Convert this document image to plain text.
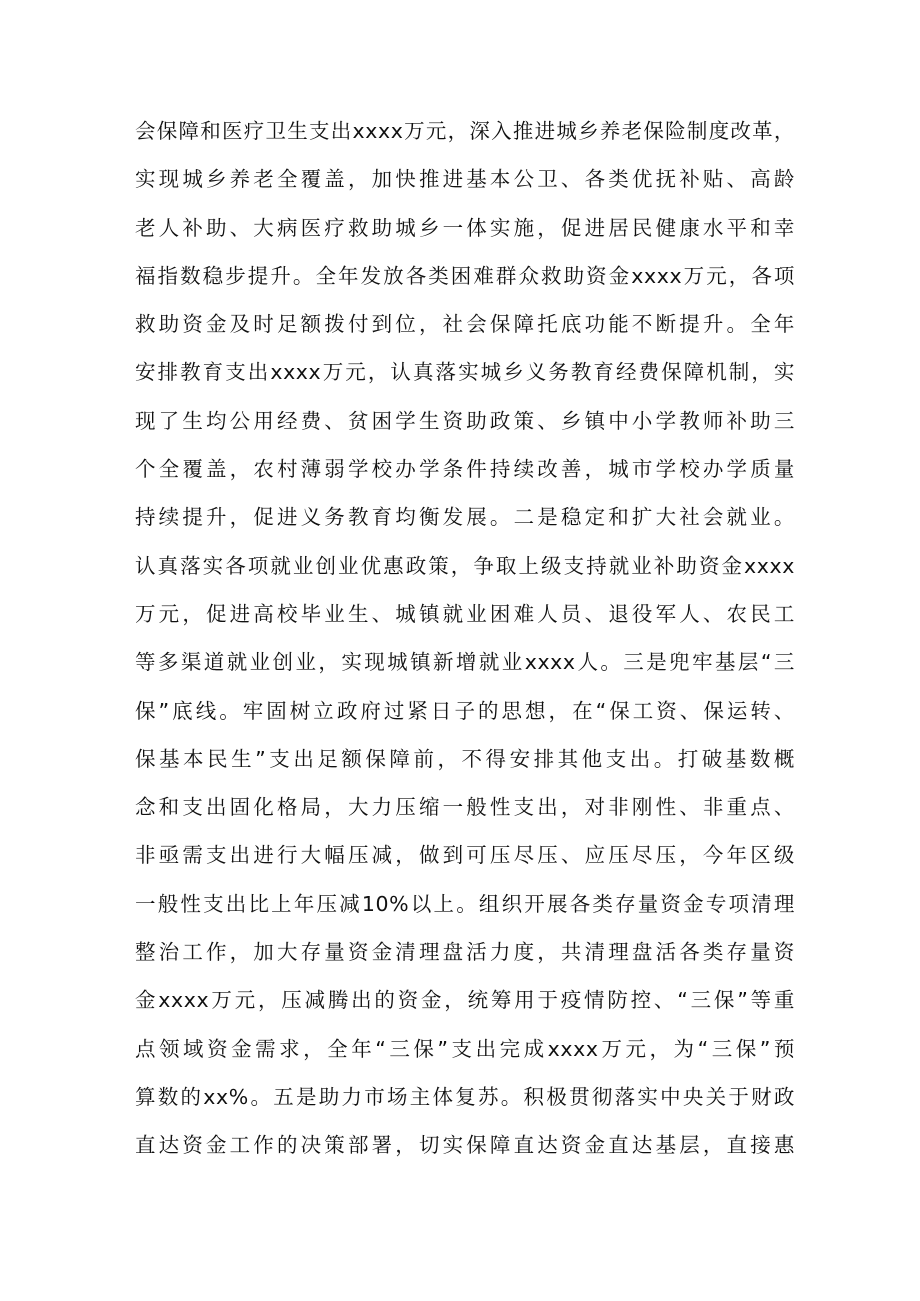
会保障和医疗卫生支出xxxx万元，深入推进城乡养老保险制度改革，
实现城乡养老全覆盖，加快推进基本公卫、各类优抚补贴、高龄
老人补助、大病医疗救助城乡一体实施，促进居民健康水平和幸
福指数稳步提升。全年发放各类困难群众救助资金xxxx万元，各项
救助资金及时足额拨付到位，社会保障托底功能不断提升。全年
安排教育支出xxxx万元，认真落实城乡义务教育经费保障机制，实
现了生均公用经费、贫困学生资助政策、乡镇中小学教师补助三
个全覆盖，农村薄弱学校办学条件持续改善，城市学校办学质量
持续提升，促进义务教育均衡发展。二是稳定和扩大社会就业。
认真落实各项就业创业优惠政策，争取上级支持就业补助资金xxxx
万元，促进高校毕业生、城镇就业困难人员、退役军人、农民工
等多渠道就业创业，实现城镇新增就业xxxx人。三是兜牢基层“三
保”底线。牢固树立政府过紧日子的思想，在“保工资、保运转、
保基本民生”支出足额保障前，不得安排其他支出。打破基数概
念和支出固化格局，大力压缩一般性支出，对非刚性、非重点、
非亟需支出进行大幅压减，做到可压尽压、应压尽压，今年区级
一般性支出比上年压减10%以上。组织开展各类存量资金专项清理
整治工作，加大存量资金清理盘活力度，共清理盘活各类存量资
金xxxx万元，压减腾出的资金，统筹用于疫情防控、“三保”等重
点领域资金需求，全年“三保”支出完成xxxx万元，为“三保”预
算数的xx%。五是助力市场主体复苏。积极贯彻落实中央关于财政
直达资金工作的决策部署，切实保障直达资金直达基层，直接惠
